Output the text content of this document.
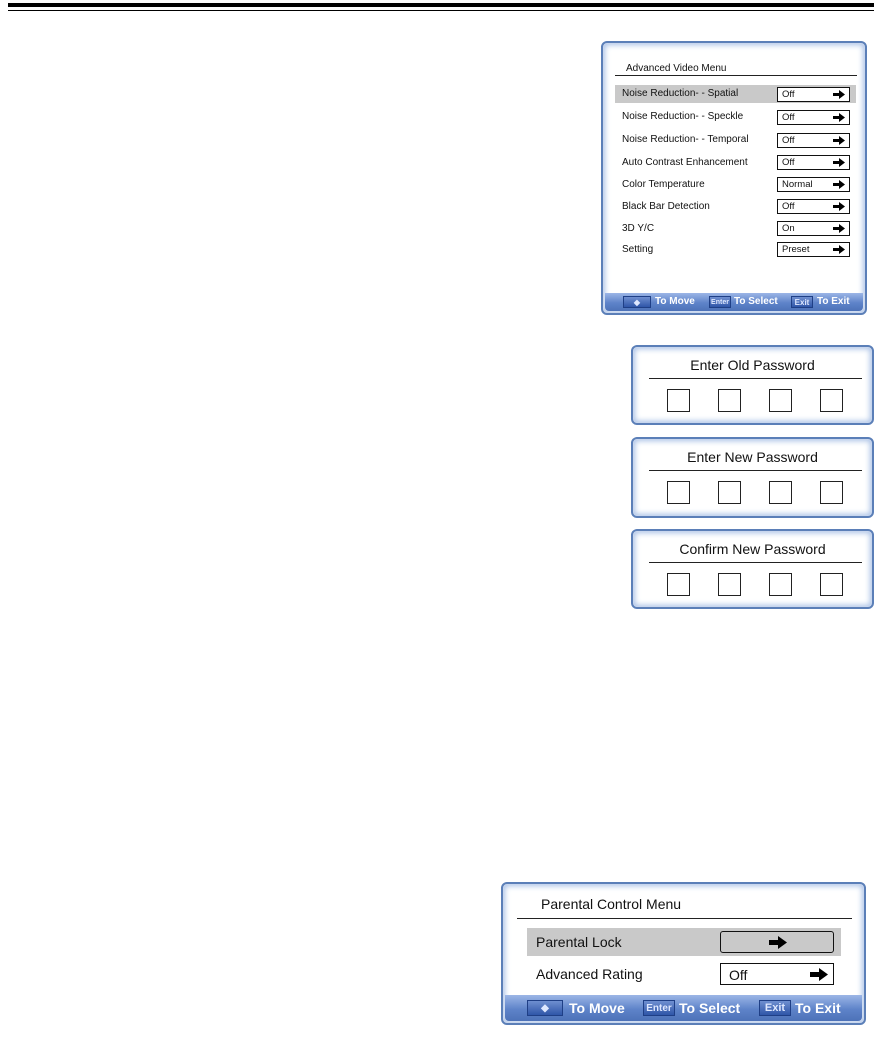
Advanced Video Menu
Noise Reduction- - Spatial	Off
Noise Reduction- - Speckle	Off
Noise Reduction- - Temporal	Off
Auto Contrast Enhancement	Off
Color Temperature	Normal
Black Bar Detection	Off
3D Y/C	On
Setting	Preset
◆	To Move Enter To Select	Exit To Exit
Enter Old Password
Enter New Password
Confirm New Password
Parental Control Menu
Parental Lock
Advanced Rating	Off
◆	To Move	Enter To Select	Exit To Exit
